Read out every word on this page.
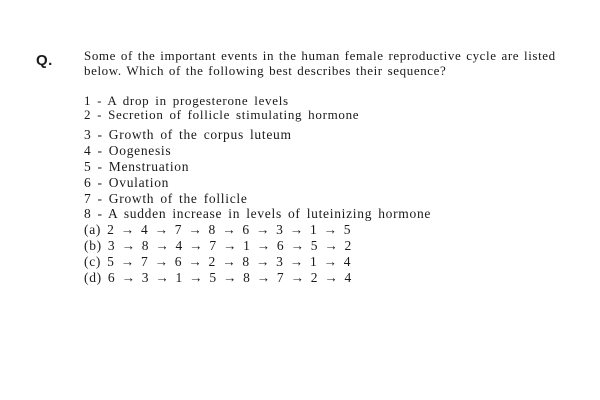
Q. Some of the important events in the human female reproductive cycle are listed below. Which of the following best describes their sequence?

1 - A drop in progesterone levels
2 - Secretion of follicle stimulating hormone
3 - Growth of the corpus luteum
4 - Oogenesis
5 - Menstruation
6 - Ovulation
7 - Growth of the follicle
8 - A sudden increase in levels of luteinizing hormone
(a) 2 → 4 → 7 → 8 → 6 → 3 → 1 → 5
(b) 3 → 8 → 4 → 7 → 1 → 6 → 5 → 2
(c) 5 → 7 → 6 → 2 → 8 → 3 → 1 → 4
(d) 6 → 3 → 1 → 5 → 8 → 7 → 2 → 4
